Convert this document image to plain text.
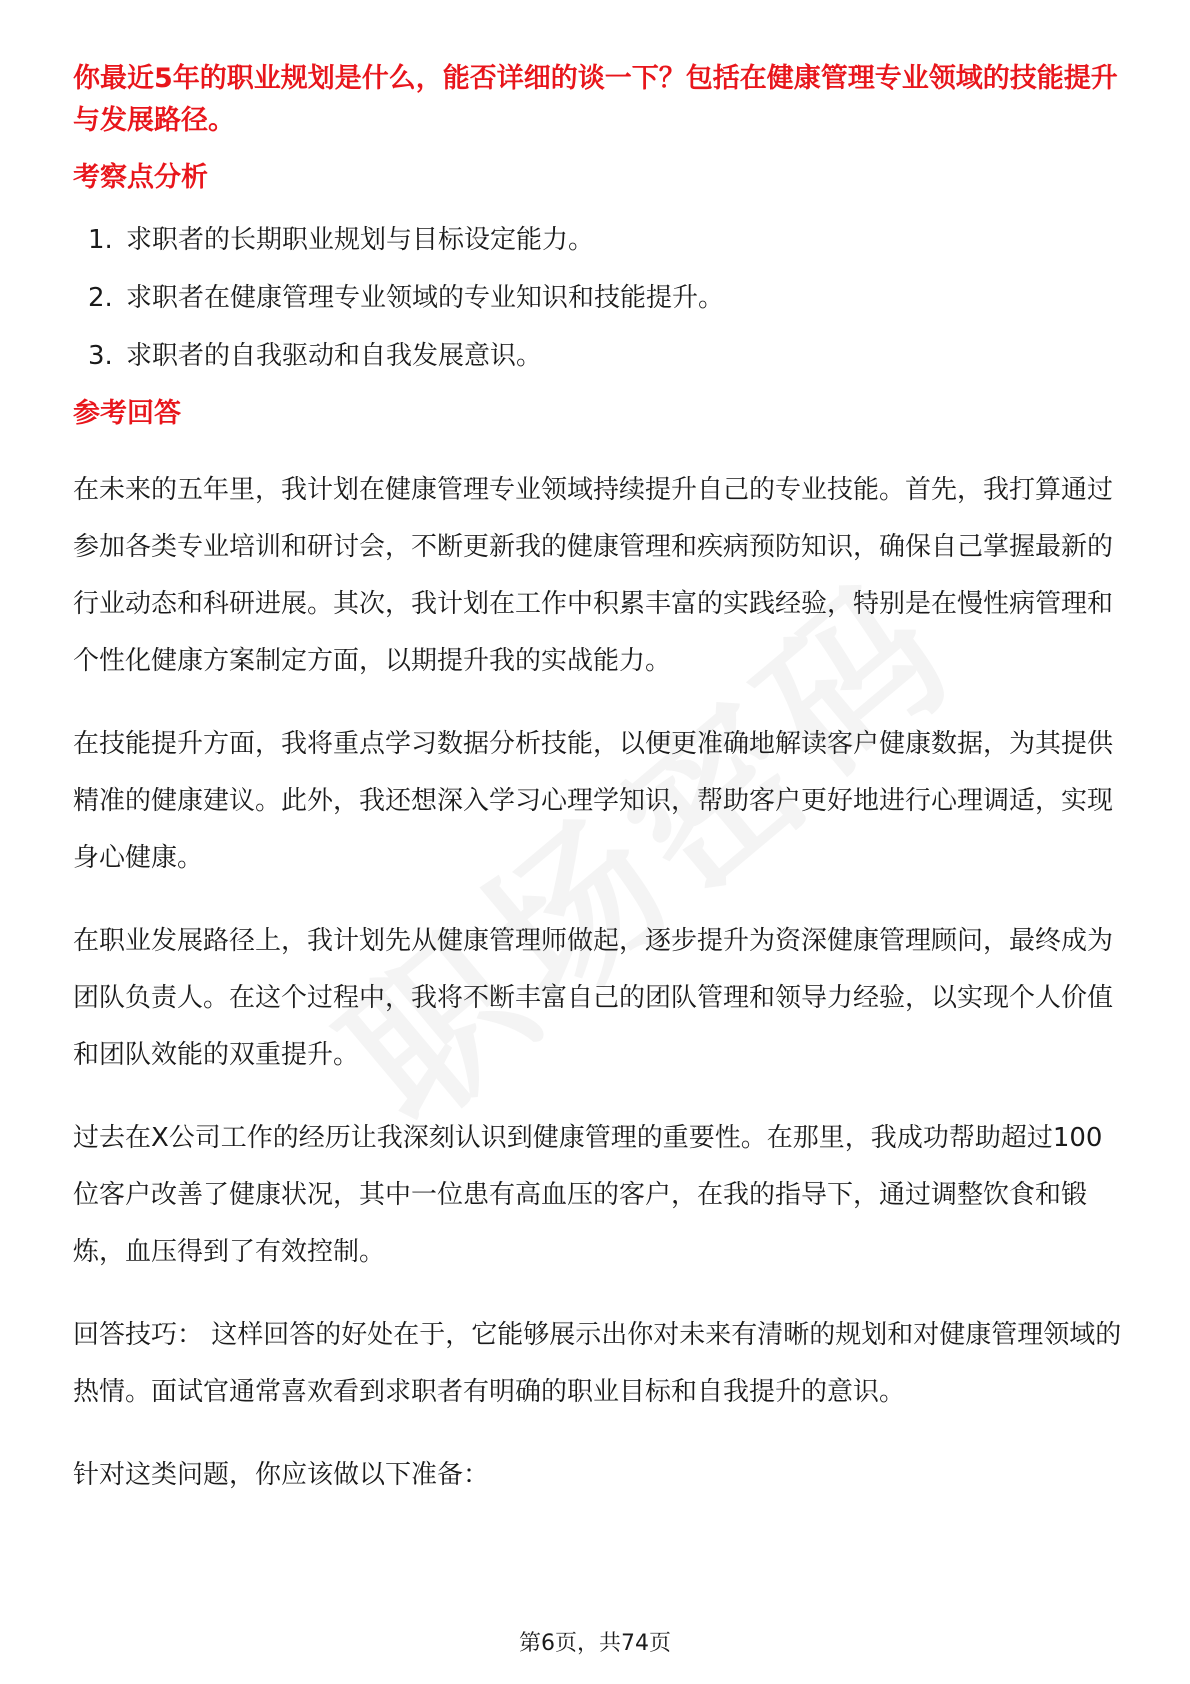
你最近5年的职业规划是什么，能否详细的谈一下？包括在健康管理专业领域的技能提升与发展路径。

考察点分析

1. 求职者的长期职业规划与目标设定能力。
2. 求职者在健康管理专业领域的专业知识和技能提升。
3. 求职者的自我驱动和自我发展意识。

参考回答

在未来的五年里，我计划在健康管理专业领域持续提升自己的专业技能。首先，我打算通过参加各类专业培训和研讨会，不断更新我的健康管理和疾病预防知识，确保自己掌握最新的行业动态和科研进展。其次，我计划在工作中积累丰富的实践经验，特别是在慢性病管理和个性化健康方案制定方面，以期提升我的实战能力。

在技能提升方面，我将重点学习数据分析技能，以便更准确地解读客户健康数据，为其提供精准的健康建议。此外，我还想深入学习心理学知识，帮助客户更好地进行心理调适，实现身心健康。

在职业发展路径上，我计划先从健康管理师做起，逐步提升为资深健康管理顾问，最终成为团队负责人。在这个过程中，我将不断丰富自己的团队管理和领导力经验，以实现个人价值和团队效能的双重提升。

过去在X公司工作的经历让我深刻认识到健康管理的重要性。在那里，我成功帮助超过100位客户改善了健康状况，其中一位患有高血压的客户，在我的指导下，通过调整饮食和锻炼，血压得到了有效控制。

回答技巧： 这样回答的好处在于，它能够展示出你对未来有清晰的规划和对健康管理领域的热情。面试官通常喜欢看到求职者有明确的职业目标和自我提升的意识。

针对这类问题，你应该做以下准备：

第6页，共74页
